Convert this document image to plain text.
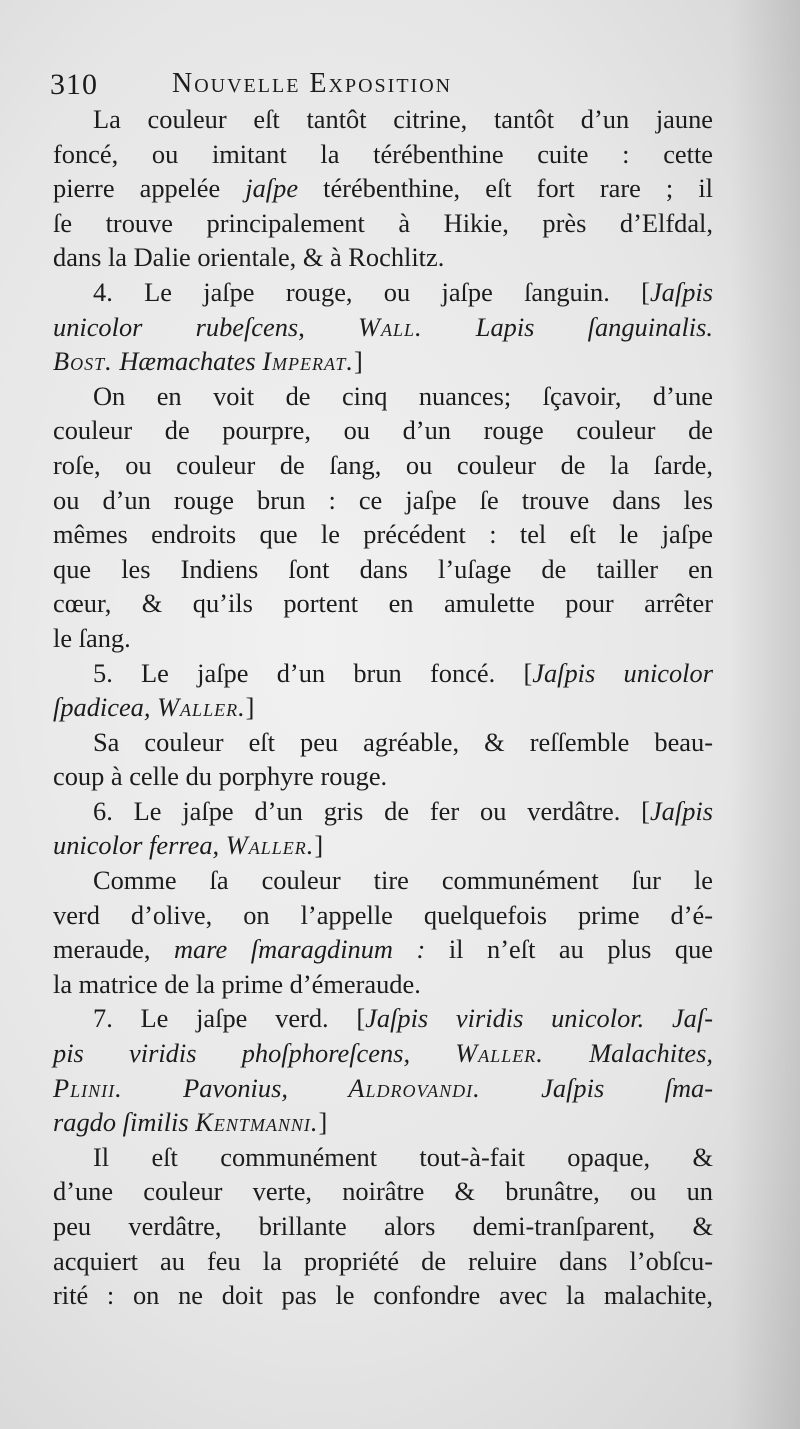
310	Nouvelle Exposition
La couleur eſt tantôt citrine, tantôt d’un jaune
foncé, ou imitant la térébenthine cuite : cette
pierre appelée jaſpe térébenthine, eſt fort rare ; il
ſe trouve principalement à Hikie, près d’Elfdal,
dans la Dalie orientale, & à Rochlitz.
4. Le jaſpe rouge, ou jaſpe ſanguin. [Jaſpis
unicolor rubeſcens, Wall. Lapis ſanguinalis.
Bost. Hæmachates Imperat.]
On en voit de cinq nuances; ſçavoir, d’une
couleur de pourpre, ou d’un rouge couleur de
roſe, ou couleur de ſang, ou couleur de la ſarde,
ou d’un rouge brun : ce jaſpe ſe trouve dans les
mêmes endroits que le précédent : tel eſt le jaſpe
que les Indiens ſont dans l’uſage de tailler en
cœur, & qu’ils portent en amulette pour arrêter
le ſang.
5. Le jaſpe d’un brun foncé. [Jaſpis unicolor
ſpadicea, Waller.]
Sa couleur eſt peu agréable, & reſſemble beau-
coup à celle du porphyre rouge.
6. Le jaſpe d’un gris de fer ou verdâtre. [Jaſpis
unicolor ferrea, Waller.]
Comme ſa couleur tire communément ſur le
verd d’olive, on l’appelle quelquefois prime d’é-
meraude, mare ſmaragdinum : il n’eſt au plus que
la matrice de la prime d’émeraude.
7. Le jaſpe verd. [Jaſpis viridis unicolor. Jaſ-
pis viridis phoſphoreſcens, Waller. Malachites,
Plinii. Pavonius, Aldrovandi. Jaſpis ſma-
ragdo ſimilis Kentmanni.]
Il eſt communément tout-à-fait opaque, &
d’une couleur verte, noirâtre & brunâtre, ou un
peu verdâtre, brillante alors demi-tranſparent, &
acquiert au feu la propriété de reluire dans l’obſcu-
rité : on ne doit pas le confondre avec la malachite,
